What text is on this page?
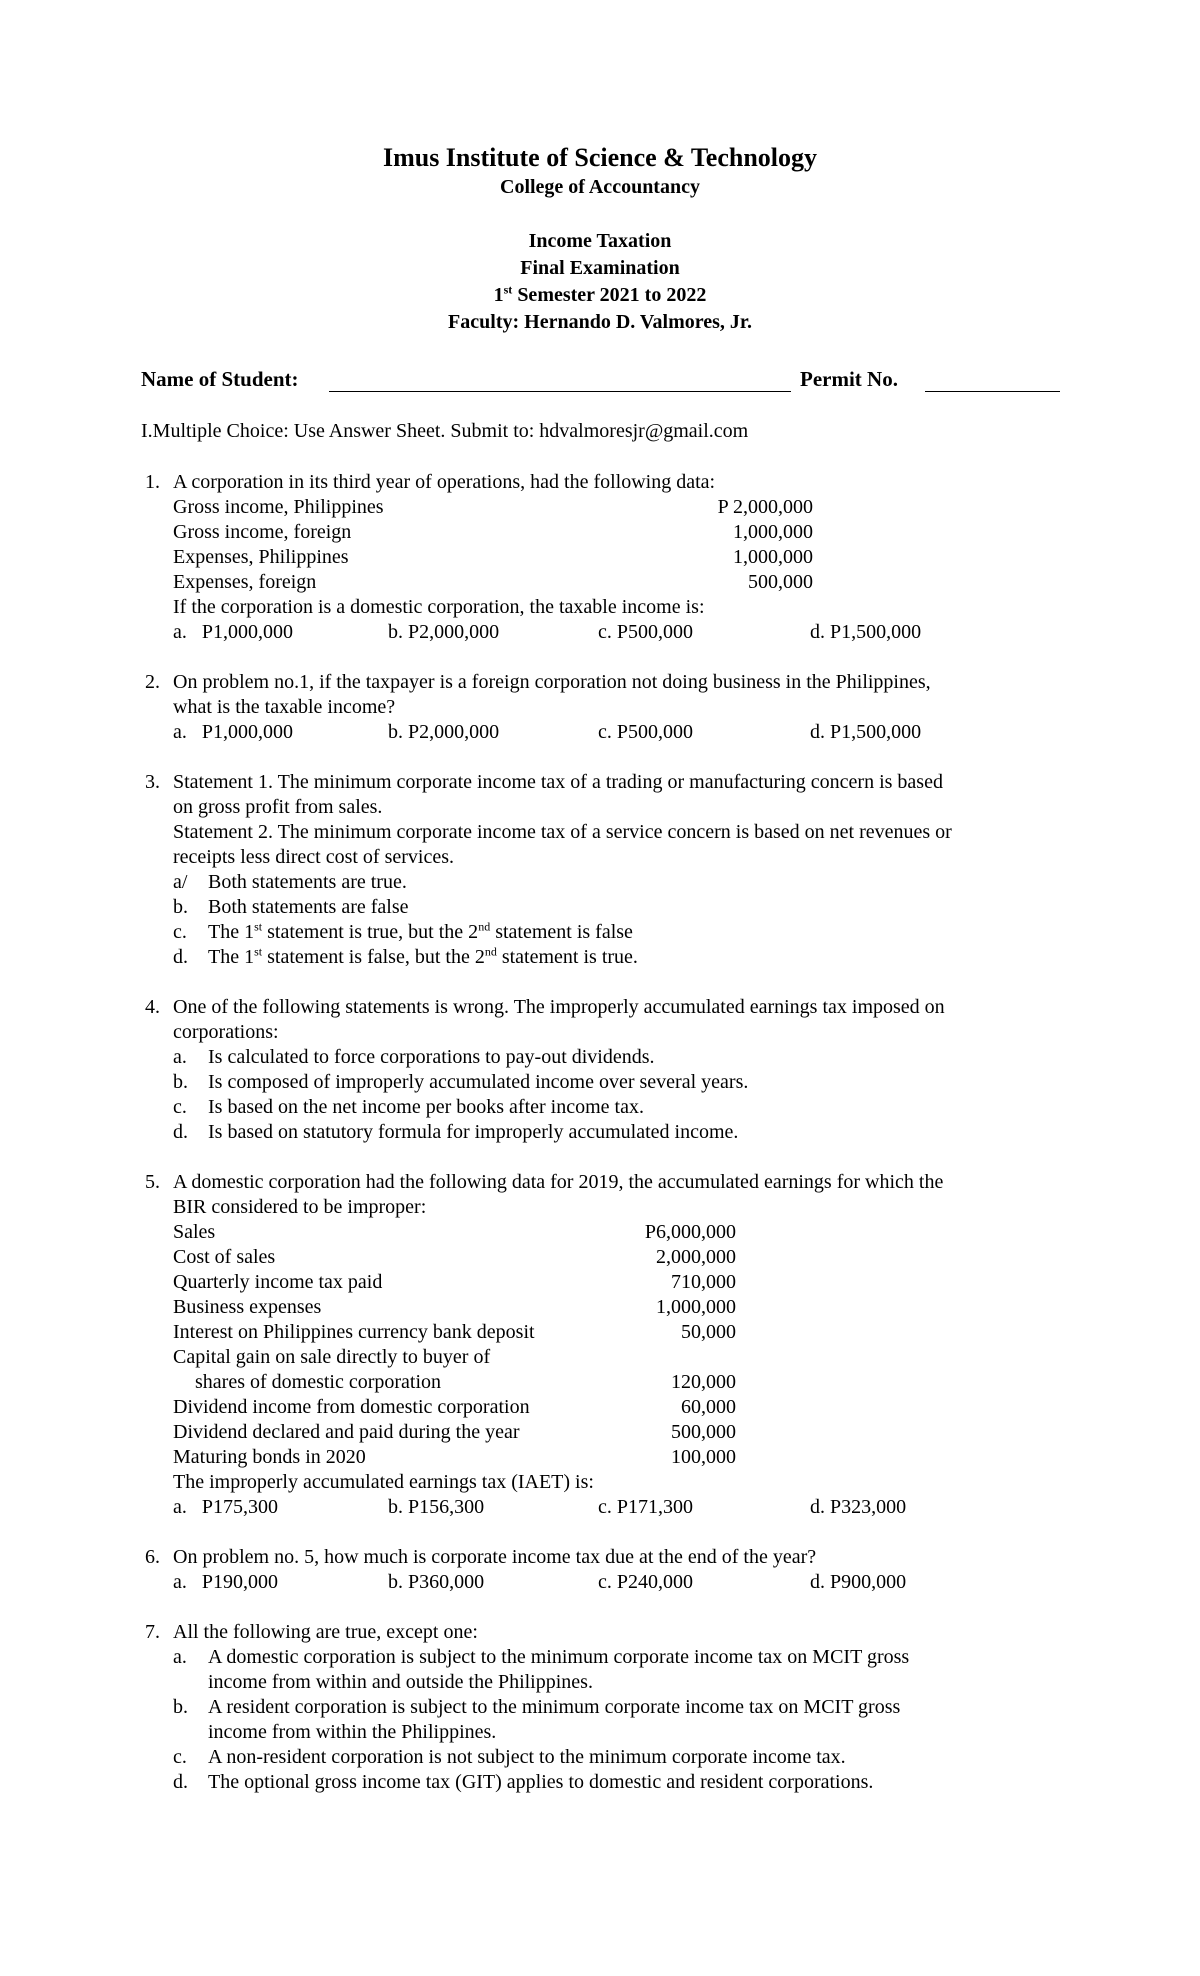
Imus Institute of Science & Technology
College of Accountancy
Income Taxation
Final Examination
1st Semester 2021 to 2022
Faculty: Hernando D. Valmores, Jr.
Name of Student:	Permit No.
I.Multiple Choice: Use Answer Sheet. Submit to: hdvalmoresjr@gmail.com
1. A corporation in its third year of operations, had the following data:
Gross income, Philippines	P 2,000,000
Gross income, foreign	1,000,000
Expenses, Philippines	1,000,000
Expenses, foreign	500,000
If the corporation is a domestic corporation, the taxable income is:
a.   P1,000,000	b. P2,000,000	c. P500,000	d. P1,500,000
2. On problem no.1, if the taxpayer is a foreign corporation not doing business in the Philippines,
what is the taxable income?
a.   P1,000,000	b. P2,000,000	c. P500,000	d. P1,500,000
3. Statement 1. The minimum corporate income tax of a trading or manufacturing concern is based
on gross profit from sales.
Statement 2. The minimum corporate income tax of a service concern is based on net revenues or
receipts less direct cost of services.
a/ Both statements are true.
b. Both statements are false
c. The 1st statement is true, but the 2nd statement is false
d. The 1st statement is false, but the 2nd statement is true.
4. One of the following statements is wrong. The improperly accumulated earnings tax imposed on
corporations:
a. Is calculated to force corporations to pay-out dividends.
b. Is composed of improperly accumulated income over several years.
c. Is based on the net income per books after income tax.
d. Is based on statutory formula for improperly accumulated income.
5. A domestic corporation had the following data for 2019, the accumulated earnings for which the
BIR considered to be improper:
Sales	P6,000,000
Cost of sales	2,000,000
Quarterly income tax paid	710,000
Business expenses	1,000,000
Interest on Philippines currency bank deposit	50,000
Capital gain on sale directly to buyer of
shares of domestic corporation	120,000
Dividend income from domestic corporation	60,000
Dividend declared and paid during the year	500,000
Maturing bonds in 2020	100,000
The improperly accumulated earnings tax (IAET) is:
a.   P175,300	b. P156,300	c. P171,300	d. P323,000
6. On problem no. 5, how much is corporate income tax due at the end of the year?
a.   P190,000	b. P360,000	c. P240,000	d. P900,000
7. All the following are true, except one:
a. A domestic corporation is subject to the minimum corporate income tax on MCIT gross
income from within and outside the Philippines.
b. A resident corporation is subject to the minimum corporate income tax on MCIT gross
income from within the Philippines.
c. A non-resident corporation is not subject to the minimum corporate income tax.
d. The optional gross income tax (GIT) applies to domestic and resident corporations.
